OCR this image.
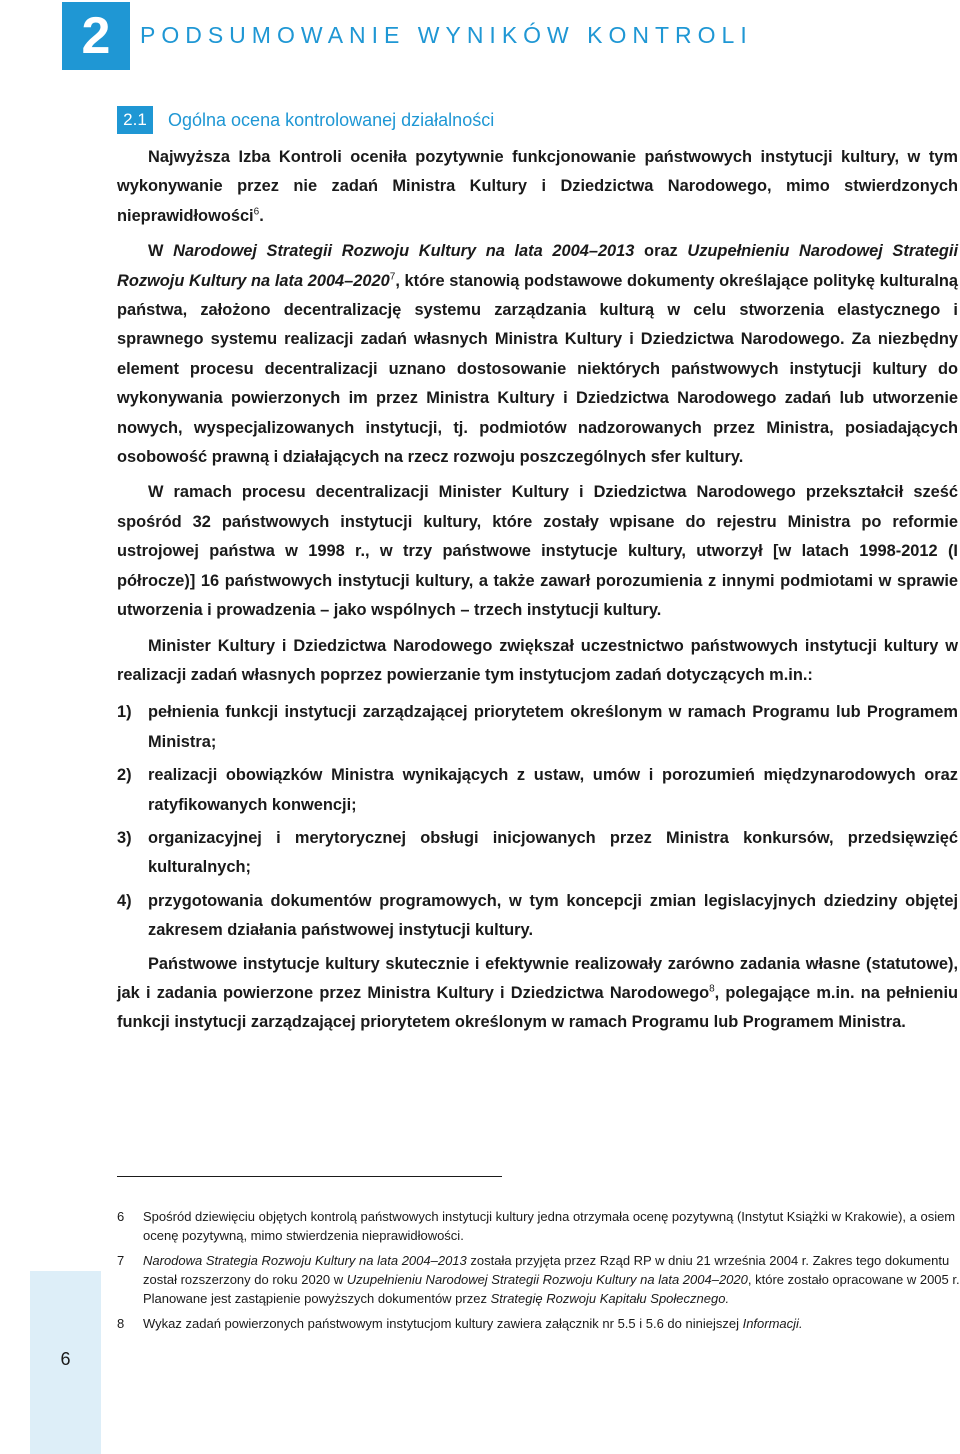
2 PODSUMOWANIE WYNIKÓW KONTROLI
2.1	Ogólna ocena kontrolowanej działalności

Najwyższa Izba Kontroli oceniła pozytywnie funkcjonowanie państwowych instytucji kultury, w tym wykonywanie przez nie zadań Ministra Kultury i Dziedzictwa Narodowego, mimo stwierdzonych nieprawidłowości$^6$.

W Narodowej Strategii Rozwoju Kultury na lata 2004–2013 oraz Uzupełnieniu Narodowej Strategii Rozwoju Kultury na lata 2004–2020$^7$, które stanowią podstawowe dokumenty określające politykę kulturalną państwa, założono decentralizację systemu zarządzania kulturą w celu stworzenia elastycznego i sprawnego systemu realizacji zadań własnych Ministra Kultury i Dziedzictwa Narodowego. Za niezbędny element procesu decentralizacji uznano dostosowanie niektórych państwowych instytucji kultury do wykonywania powierzonych im przez Ministra Kultury i Dziedzictwa Narodowego zadań lub utworzenie nowych, wyspecjalizowanych instytucji, tj. podmiotów nadzorowanych przez Ministra, posiadających osobowość prawną i działających na rzecz rozwoju poszczególnych sfer kultury.

W ramach procesu decentralizacji Minister Kultury i Dziedzictwa Narodowego przekształcił sześć spośród 32 państwowych instytucji kultury, które zostały wpisane do rejestru Ministra po reformie ustrojowej państwa w 1998 r., w trzy państwowe instytucje kultury, utworzył [w latach 1998-2012 (I półrocze)] 16 państwowych instytucji kultury, a także zawarł porozumienia z innymi podmiotami w sprawie utworzenia i prowadzenia – jako wspólnych – trzech instytucji kultury.

Minister Kultury i Dziedzictwa Narodowego zwiększał uczestnictwo państwowych instytucji kultury w realizacji zadań własnych poprzez powierzanie tym instytucjom zadań dotyczących m.in.:

1) pełnienia funkcji instytucji zarządzającej priorytetem określonym w ramach Programu lub Programem Ministra;
2) realizacji obowiązków Ministra wynikających z ustaw, umów i porozumień międzynarodowych oraz ratyfikowanych konwencji;
3) organizacyjnej i merytorycznej obsługi inicjowanych przez Ministra konkursów, przedsięwzięć kulturalnych;
4) przygotowania dokumentów programowych, w tym koncepcji zmian legislacyjnych dziedziny objętej zakresem działania państwowej instytucji kultury.

Państwowe instytucje kultury skutecznie i efektywnie realizowały zarówno zadania własne (statutowe), jak i zadania powierzone przez Ministra Kultury i Dziedzictwa Narodowego$^8$, polegające m.in. na pełnieniu funkcji instytucji zarządzającej priorytetem określonym w ramach Programu lub Programem Ministra.

6 Spośród dziewięciu objętych kontrolą państwowych instytucji kultury jedna otrzymała ocenę pozytywną (Instytut Książki w Krakowie), a osiem ocenę pozytywną, mimo stwierdzenia nieprawidłowości.
7 Narodowa Strategia Rozwoju Kultury na lata 2004–2013 została przyjęta przez Rząd RP w dniu 21 września 2004 r. Zakres tego dokumentu został rozszerzony do roku 2020 w Uzupełnieniu Narodowej Strategii Rozwoju Kultury na lata 2004–2020, które zostało opracowane w 2005 r. Planowane jest zastąpienie powyższych dokumentów przez Strategię Rozwoju Kapitału Społecznego.
8 Wykaz zadań powierzonych państwowym instytucjom kultury zawiera załącznik nr 5.5 i 5.6 do niniejszej Informacji.
6
